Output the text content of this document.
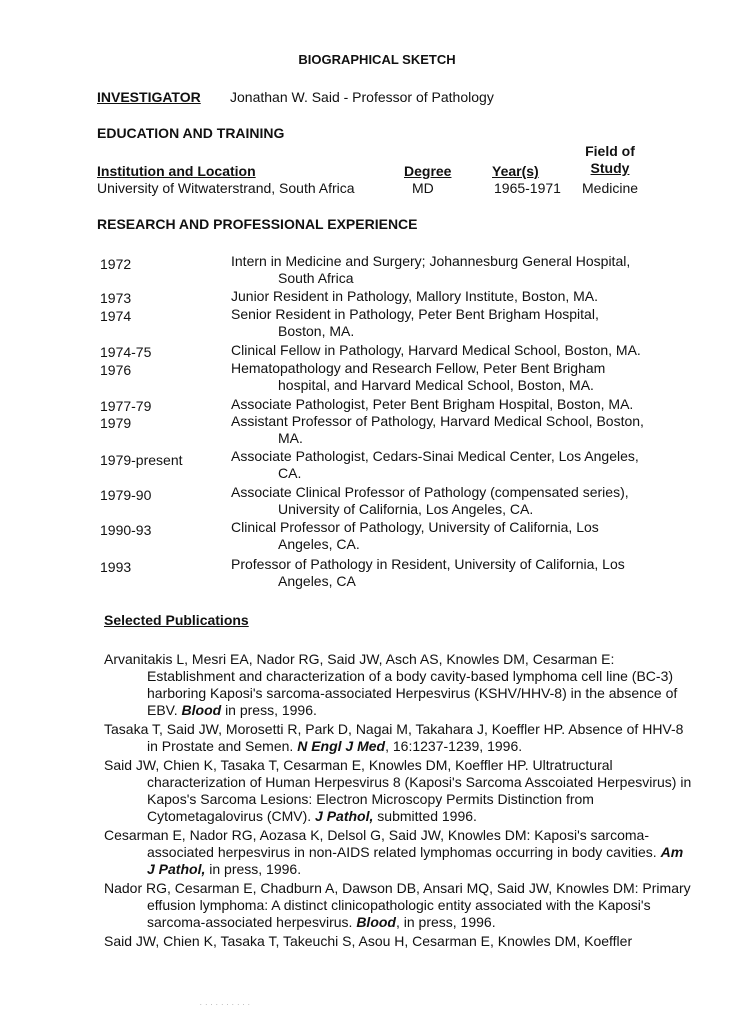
BIOGRAPHICAL SKETCH
INVESTIGATOR Jonathan W. Said - Professor of Pathology
EDUCATION AND TRAINING
Field of
Institution and Location	Degree	Year(s)	Study
University of Witwaterstrand, South Africa	MD	1965-1971 Medicine
RESEARCH AND PROFESSIONAL EXPERIENCE
1972	Intern in Medicine and Surgery; Johannesburg General Hospital,
South Africa
1973	Junior Resident in Pathology, Mallory Institute, Boston, MA.
1974	Senior Resident in Pathology, Peter Bent Brigham Hospital,
Boston, MA.
1974-75	Clinical Fellow in Pathology, Harvard Medical School, Boston, MA.
1976	Hematopathology and Research Fellow, Peter Bent Brigham
hospital, and Harvard Medical School, Boston, MA.
1977-79	Associate Pathologist, Peter Bent Brigham Hospital, Boston, MA.
1979	Assistant Professor of Pathology, Harvard Medical School, Boston,
MA.
1979-present	Associate Pathologist, Cedars-Sinai Medical Center, Los Angeles,
CA.
1979-90	Associate Clinical Professor of Pathology (compensated series),
University of California, Los Angeles, CA.
1990-93	Clinical Professor of Pathology, University of California, Los
Angeles, CA.
1993	Professor of Pathology in Resident, University of California, Los
Angeles, CA
Selected Publications

Arvanitakis L, Mesri EA, Nador RG, Said JW, Asch AS, Knowles DM, Cesarman E: Establishment and characterization of a body cavity-based lymphoma cell line (BC-3) harboring Kaposi's sarcoma-associated Herpesvirus (KSHV/HHV-8) in the absence of EBV. Blood in press, 1996.

Tasaka T, Said JW, Morosetti R, Park D, Nagai M, Takahara J, Koeffler HP. Absence of HHV-8 in Prostate and Semen. N Engl J Med, 16:1237-1239, 1996.

Said JW, Chien K, Tasaka T, Cesarman E, Knowles DM, Koeffler HP. Ultratructural characterization of Human Herpesvirus 8 (Kaposi's Sarcoma Asscoiated Herpesvirus) in Kapos's Sarcoma Lesions: Electron Microscopy Permits Distinction from Cytometagalovirus (CMV). J Pathol, submitted 1996.

Cesarman E, Nador RG, Aozasa K, Delsol G, Said JW, Knowles DM: Kaposi's sarcoma-associated herpesvirus in non-AIDS related lymphomas occurring in body cavities. Am J Pathol, in press, 1996.

Nador RG, Cesarman E, Chadburn A, Dawson DB, Ansari MQ, Said JW, Knowles DM: Primary effusion lymphoma: A distinct clinicopathologic entity associated with the Kaposi's sarcoma-associated herpesvirus. Blood, in press, 1996.

Said JW, Chien K, Tasaka T, Takeuchi S, Asou H, Cesarman E, Knowles DM, Koeffler

. . . . . . . . . .
